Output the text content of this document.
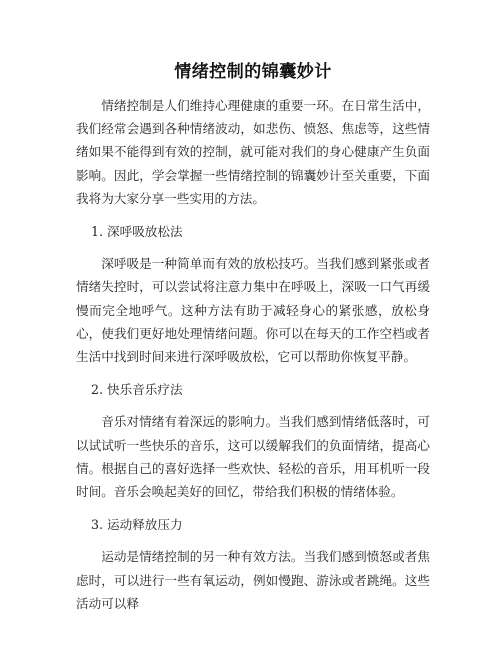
情绪控制的锦囊妙计

情绪控制是人们维持心理健康的重要一环。在日常生活中，我们经常会遇到各种情绪波动，如悲伤、愤怒、焦虑等，这些情绪如果不能得到有效的控制，就可能对我们的身心健康产生负面影响。因此，学会掌握一些情绪控制的锦囊妙计至关重要，下面我将为大家分享一些实用的方法。

1. 深呼吸放松法

深呼吸是一种简单而有效的放松技巧。当我们感到紧张或者情绪失控时，可以尝试将注意力集中在呼吸上，深吸一口气再缓慢而完全地呼气。这种方法有助于减轻身心的紧张感，放松身心，使我们更好地处理情绪问题。你可以在每天的工作空档或者生活中找到时间来进行深呼吸放松，它可以帮助你恢复平静。

2. 快乐音乐疗法

音乐对情绪有着深远的影响力。当我们感到情绪低落时，可以试试听一些快乐的音乐，这可以缓解我们的负面情绪，提高心情。根据自己的喜好选择一些欢快、轻松的音乐，用耳机听一段时间。音乐会唤起美好的回忆，带给我们积极的情绪体验。

3. 运动释放压力

运动是情绪控制的另一种有效方法。当我们感到愤怒或者焦虑时，可以进行一些有氧运动，例如慢跑、游泳或者跳绳。这些活动可以释
